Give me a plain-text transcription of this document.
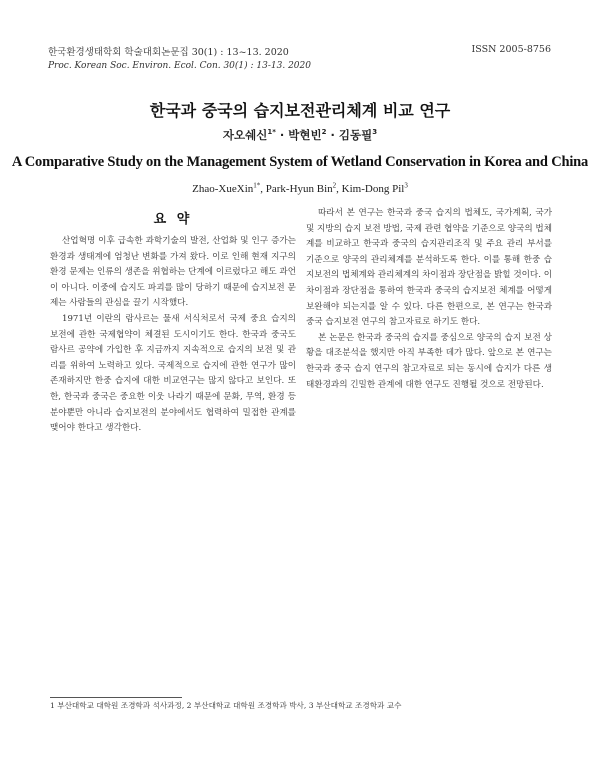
한국환경생태학회 학술대회논문집 30(1) : 13~13. 2020
Proc. Korean Soc. Environ. Ecol. Con. 30(1) : 13-13. 2020
ISSN 2005-8756
한국과 중국의 습지보전관리체계 비교 연구
자오쉐신$^{1*}$ · 박현빈$^2$ · 김동필$^3$
A Comparative Study on the Management System of Wetland Conservation in Korea and China
Zhao-XueXin$^{1*}$, Park-Hyun Bin$^2$, Kim-Dong Pil$^3$
요 약

산업혁명 이후 급속한 과학기술의 발전, 산업화 및 인구 증가는 환경과 생태계에 엄청난 변화를 가져 왔다. 이로 인해 현재 지구의 환경 문제는 인류의 생존을 위협하는 단계에 이르렀다고 해도 과언이 아니다. 이중에 습지도 파괴를 많이 당하기 때문에 습지보전 문제는 사람들의 관심을 끌기 시작했다.

1971년 이란의 람사르는 물새 서식처로서 국제 중요 습지의 보전에 관한 국제협약이 체결된 도시이기도 한다. 한국과 중국도 람사르 공약에 가입한 후 지금까지 지속적으로 습지의 보전 및 관리를 위하여 노력하고 있다. 국제적으로 습지에 관한 연구가 많이 존재하지만 한중 습지에 대한 비교연구는 많지 않다고 보인다. 또한, 한국과 중국은 중요한 이웃 나라기 때문에 문화, 무역, 환경 등 분야뿐만 아니라 습지보전의 분야에서도 협력하여 밀접한 관계를 맺어야 한다고 생각한다.

따라서 본 연구는 한국과 중국 습지의 법체도, 국가계획, 국가 및 지방의 습지 보전 방법, 국제 관련 협약을 기준으로 양국의 법체계를 비교하고 한국과 중국의 습지관리조직 및 주요 관리 부서를 기준으로 양국의 관리체계를 분석하도록 한다. 이를 통해 한중 습지보전의 법체계와 관리체계의 차이점과 장단점을 밝힐 것이다. 이 차이점과 장단점을 통하여 한국과 중국의 습지보전 체계를 어떻게 보완해야 되는지를 알 수 있다. 다른 한편으로, 본 연구는 한국과 중국 습지보전 연구의 참고자료로 하기도 한다.

본 논문은 한국과 중국의 습지를 중심으로 양국의 습지 보전 상황을 대조분석을 했지만 아직 부족한 데가 많다. 앞으로 본 연구는 한국과 중국 습지 연구의 참고자료로 되는 동시에 습지가 다른 생태환경과의 긴밀한 관계에 대한 연구도 진행될 것으로 전망된다.

1 부산대학교 대학원 조경학과 석사과정, 2 부산대학교 대학원 조경학과 박사, 3 부산대학교 조경학과 교수
